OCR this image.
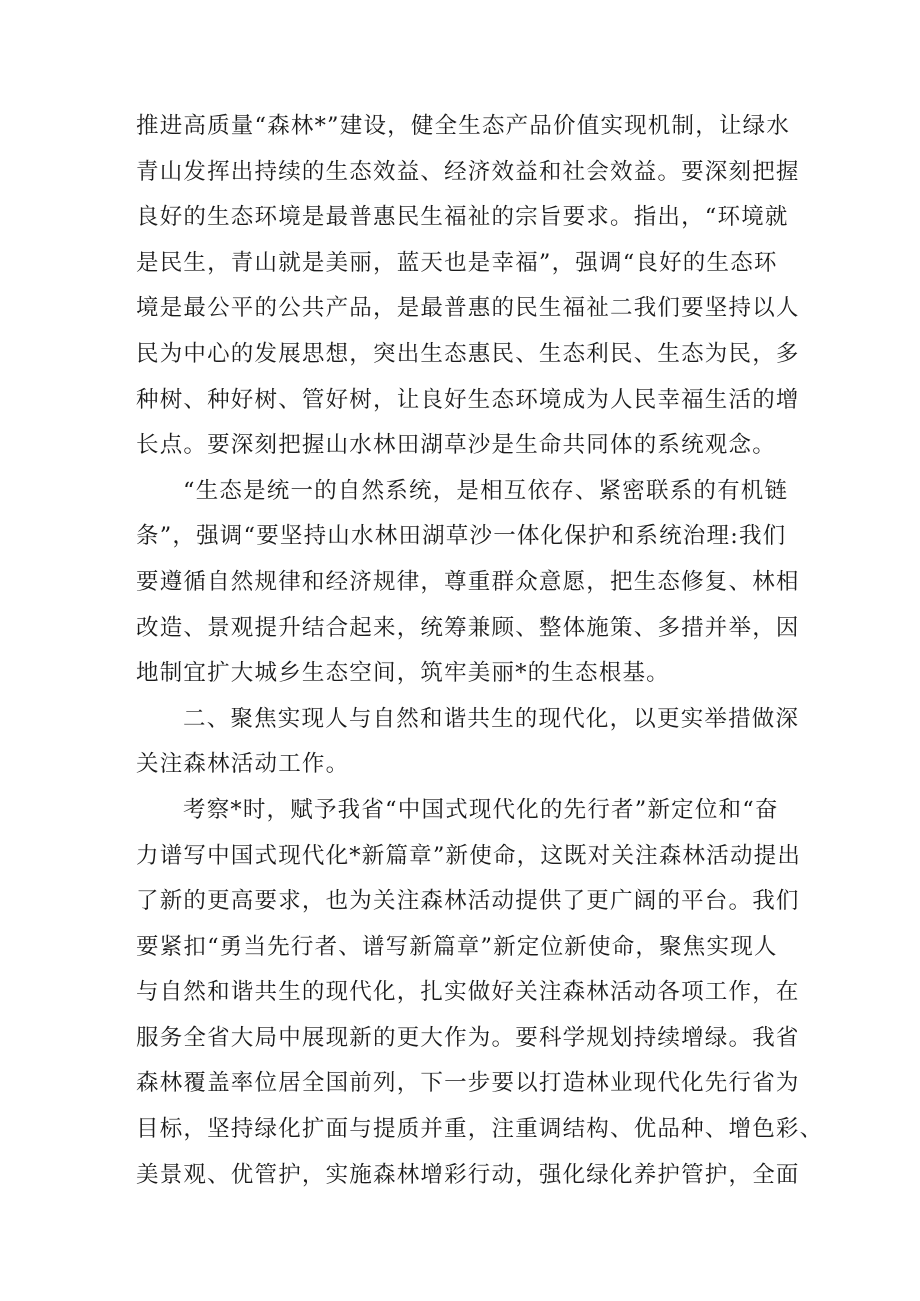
推进高质量“森林*”建设，健全生态产品价值实现机制，让绿水
青山发挥出持续的生态效益、经济效益和社会效益。要深刻把握
良好的生态环境是最普惠民生福祉的宗旨要求。指出，“环境就
是民生，青山就是美丽，蓝天也是幸福”，强调“良好的生态环
境是最公平的公共产品，是最普惠的民生福祉二我们要坚持以人
民为中心的发展思想，突出生态惠民、生态利民、生态为民，多
种树、种好树、管好树，让良好生态环境成为人民幸福生活的增
长点。要深刻把握山水林田湖草沙是生命共同体的系统观念。

“生态是统一的自然系统，是相互依存、紧密联系的有机链
条”，强调“要坚持山水林田湖草沙一体化保护和系统治理:我们
要遵循自然规律和经济规律，尊重群众意愿，把生态修复、林相
改造、景观提升结合起来，统筹兼顾、整体施策、多措并举，因
地制宜扩大城乡生态空间，筑牢美丽*的生态根基。

二、聚焦实现人与自然和谐共生的现代化，以更实举措做深
关注森林活动工作。

考察*时，赋予我省“中国式现代化的先行者”新定位和“奋
力谱写中国式现代化*新篇章”新使命，这既对关注森林活动提出
了新的更高要求，也为关注森林活动提供了更广阔的平台。我们
要紧扣“勇当先行者、谱写新篇章”新定位新使命，聚焦实现人
与自然和谐共生的现代化，扎实做好关注森林活动各项工作，在
服务全省大局中展现新的更大作为。要科学规划持续增绿。我省
森林覆盖率位居全国前列，下一步要以打造林业现代化先行省为
目标，坚持绿化扩面与提质并重，注重调结构、优品种、增色彩、
美景观、优管护，实施森林增彩行动，强化绿化养护管护，全面
